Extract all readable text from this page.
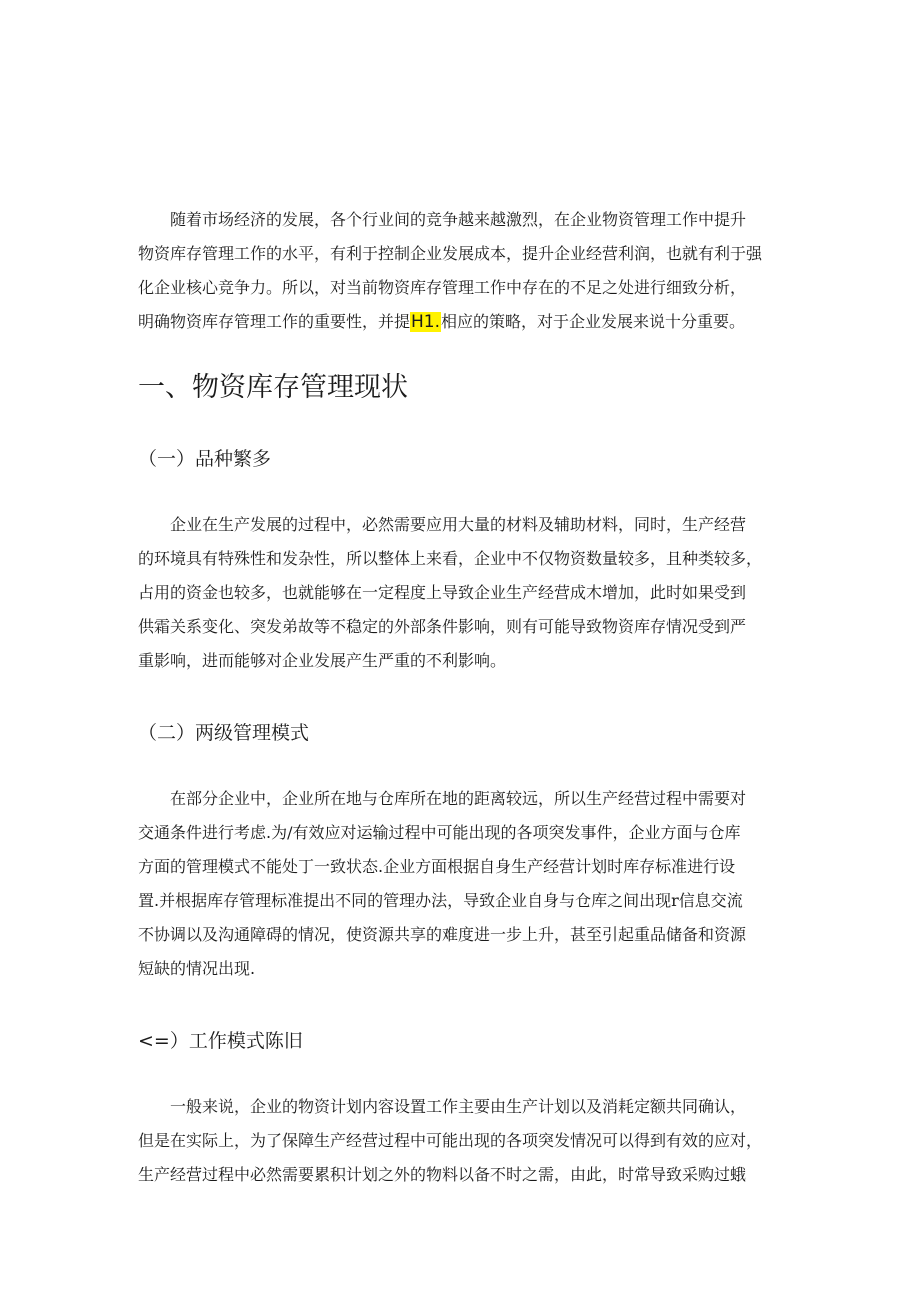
随着市场经济的发展，各个行业间的竞争越来越激烈，在企业物资管理工作中提升
物资库存管理工作的水平，有利于控制企业发展成本，提升企业经营利润，也就有利于强
化企业核心竞争力。所以，对当前物资库存管理工作中存在的不足之处进行细致分析，
明确物资库存管理工作的重要性，并提H1.相应的策略，对于企业发展来说十分重要。
一、物资库存管理现状
（一）品种繁多
企业在生产发展的过程中，必然需要应用大量的材料及辅助材料，同时，生产经营
的环境具有特殊性和发杂性，所以整体上来看，企业中不仅物资数量较多，且种类较多，
占用的资金也较多，也就能够在一定程度上导致企业生产经营成木增加，此时如果受到
供霜关系变化、突发弟故等不稳定的外部条件影响，则有可能导致物资库存情况受到严
重影响，进而能够对企业发展产生严重的不利影响。
（二）两级管理模式
在部分企业中，企业所在地与仓库所在地的距离较远，所以生产经营过程中需要对
交通条件进行考虑.为/有效应对运输过程中可能出现的各项突发事件，企业方面与仓库
方面的管理模式不能处丁一致状态.企业方面根据自身生产经营计划时库存标准进行设
置.并根据库存管理标准提出不同的管理办法，导致企业自身与仓库之间出现r信息交流
不协调以及沟通障碍的情况，使资源共享的难度进一步上升，甚至引起重品储备和资源
短缺的情况出现.
<=）工作模式陈旧
一般来说，企业的物资计划内容设置工作主要由生产计划以及消耗定额共同确认，
但是在实际上，为了保障生产经营过程中可能出现的各项突发情况可以得到有效的应对，
生产经营过程中必然需要累积计划之外的物料以备不时之需，由此，时常导致采购过蛾
